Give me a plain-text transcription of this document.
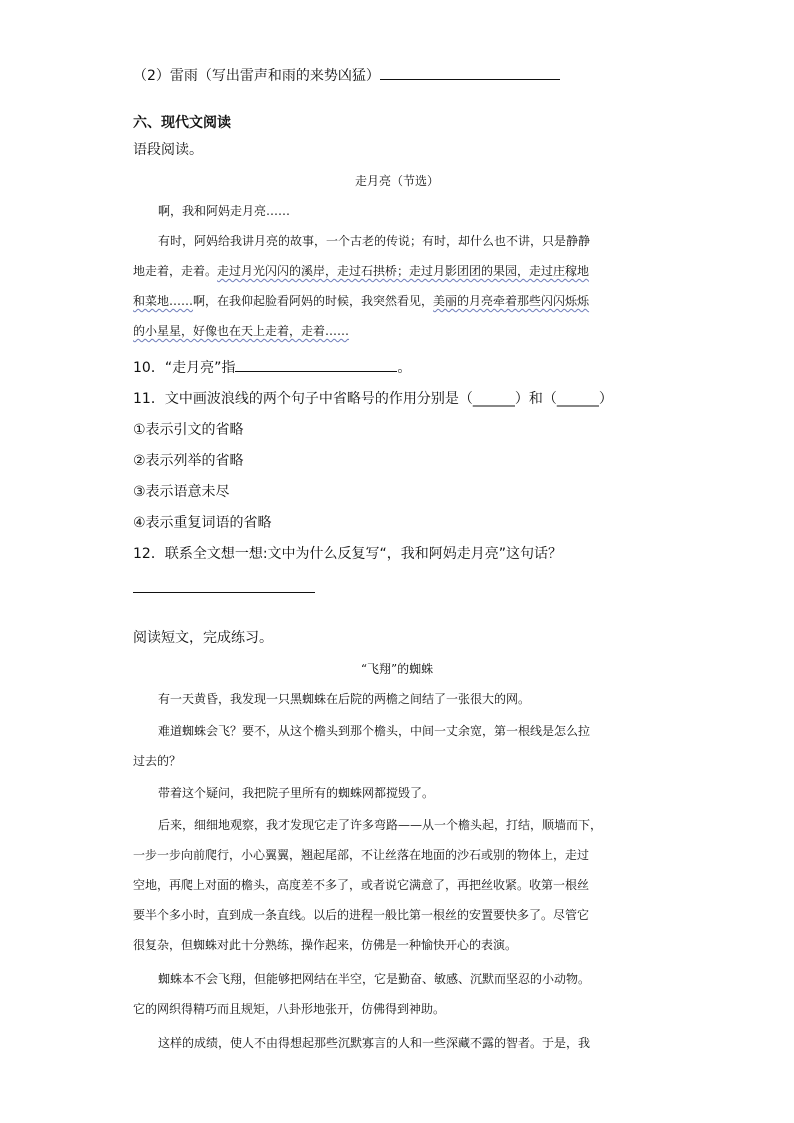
（2）雷雨（写出雷声和雨的来势凶猛）
六、现代文阅读
语段阅读。
走月亮（节选）
啊，我和阿妈走月亮……
有时，阿妈给我讲月亮的故事，一个古老的传说；有时，却什么也不讲，只是静静
地走着，走着。走过月光闪闪的溪岸，走过石拱桥；走过月影团团的果园，走过庄稼地
和菜地……啊，在我仰起脸看阿妈的时候，我突然看见，美丽的月亮牵着那些闪闪烁烁
的小星星，好像也在天上走着，走着……
10．“走月亮”指	。
11．文中画波浪线的两个句子中省略号的作用分别是（______）和（______）
①表示引文的省略
②表示列举的省略
③表示语意未尽
④表示重复词语的省略
12．联系全文想一想:文中为什么反复写“，我和阿妈走月亮”这句话？
阅读短文，完成练习。
“飞翔”的蜘蛛
有一天黄昏，我发现一只黑蜘蛛在后院的两檐之间结了一张很大的网。
难道蜘蛛会飞？要不，从这个檐头到那个檐头，中间一丈余宽，第一根线是怎么拉
过去的？
带着这个疑问，我把院子里所有的蜘蛛网都搅毁了。
后来，细细地观察，我才发现它走了许多弯路——从一个檐头起，打结，顺墙而下，
一步一步向前爬行，小心翼翼，翘起尾部，不让丝落在地面的沙石或别的物体上，走过
空地，再爬上对面的檐头，高度差不多了，或者说它满意了，再把丝收紧。收第一根丝
要半个多小时，直到成一条直线。以后的进程一般比第一根丝的安置要快多了。尽管它
很复杂，但蜘蛛对此十分熟练，操作起来，仿佛是一种愉快开心的表演。
蜘蛛本不会飞翔，但能够把网结在半空，它是勤奋、敏感、沉默而坚忍的小动物。
它的网织得精巧而且规矩，八卦形地张开，仿佛得到神助。
这样的成绩，使人不由得想起那些沉默寡言的人和一些深藏不露的智者。于是，我
